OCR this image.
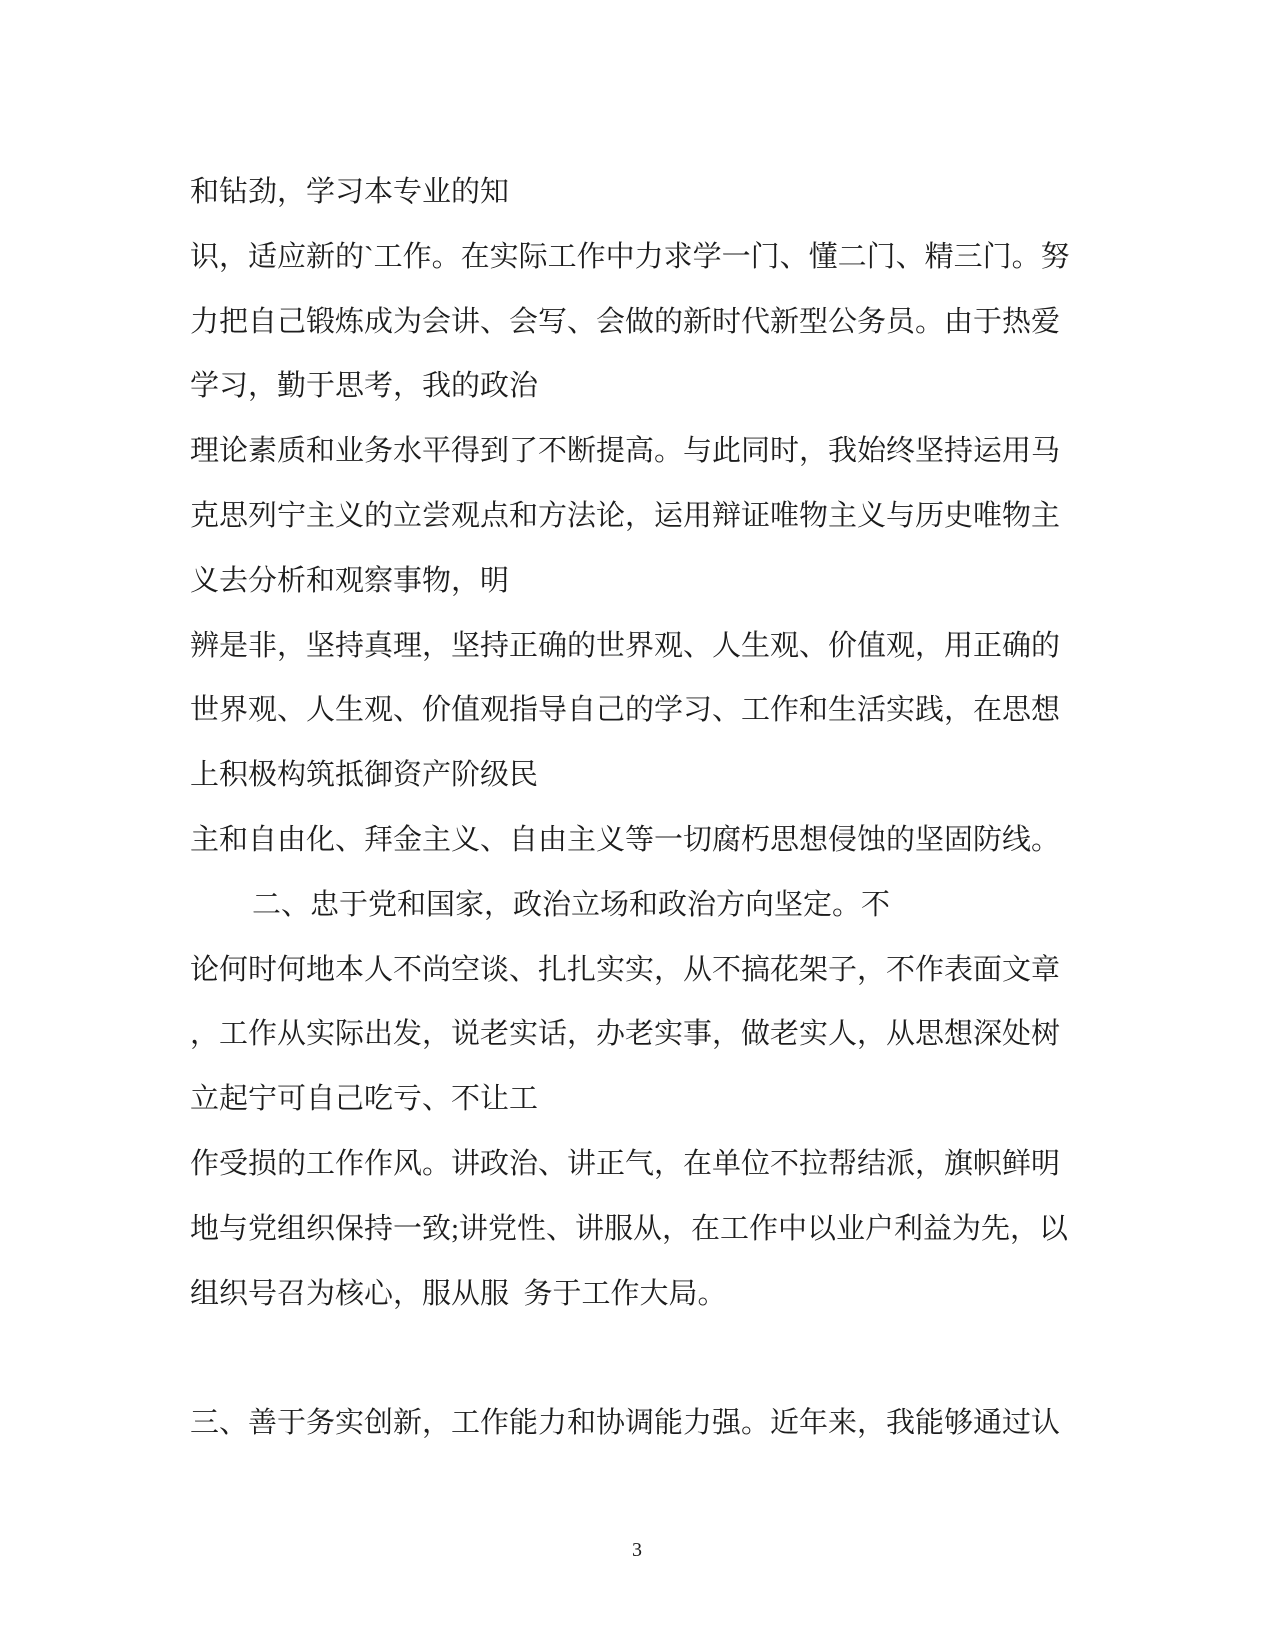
和钻劲，学习本专业的知
识，适应新的`工作。在实际工作中力求学一门、懂二门、精三门。努
力把自己锻炼成为会讲、会写、会做的新时代新型公务员。由于热爱
学习，勤于思考，我的政治
理论素质和业务水平得到了不断提高。与此同时，我始终坚持运用马
克思列宁主义的立尝观点和方法论，运用辩证唯物主义与历史唯物主
义去分析和观察事物，明
辨是非，坚持真理，坚持正确的世界观、人生观、价值观，用正确的
世界观、人生观、价值观指导自己的学习、工作和生活实践，在思想
上积极构筑抵御资产阶级民
主和自由化、拜金主义、自由主义等一切腐朽思想侵蚀的坚固防线。
二、忠于党和国家，政治立场和政治方向坚定。不
论何时何地本人不尚空谈、扎扎实实，从不搞花架子，不作表面文章
，工作从实际出发，说老实话，办老实事，做老实人，从思想深处树
立起宁可自己吃亏、不让工
作受损的工作作风。讲政治、讲正气，在单位不拉帮结派，旗帜鲜明
地与党组织保持一致;讲党性、讲服从，在工作中以业户利益为先，以
组织号召为核心，服从服  务于工作大局。
三、善于务实创新，工作能力和协调能力强。近年来，我能够通过认
3
